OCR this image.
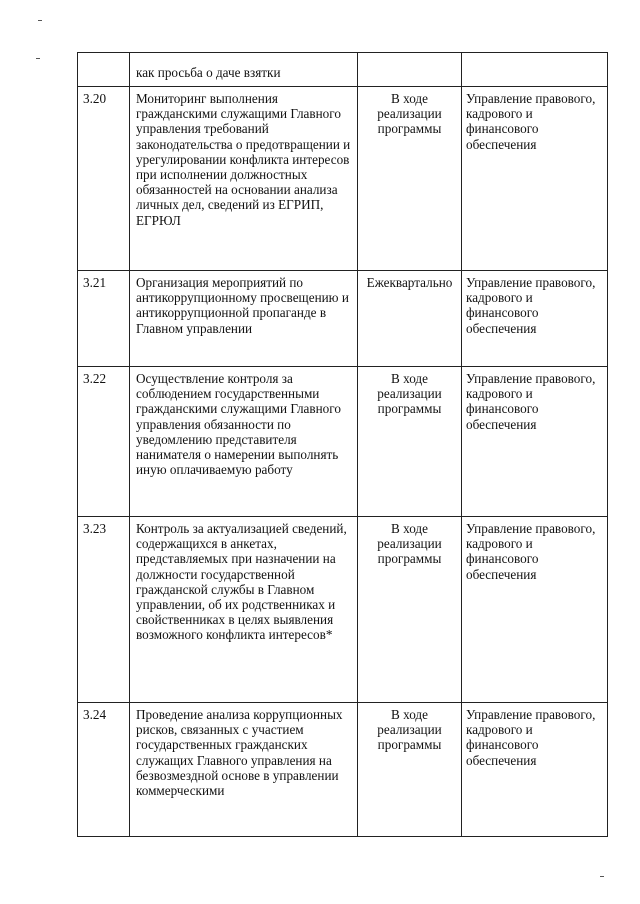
	как просьба о даче взятки		
3.20	Мониторинг выполнения гражданскими служащими Главного управления требований законодательства о предотвращении и урегулировании конфликта интересов при исполнении должностных обязанностей на основании анализа личных дел, сведений из ЕГРИП, ЕГРЮЛ	В ходе реализации программы	Управление правового, кадрового и финансового обеспечения
3.21	Организация мероприятий по антикоррупционному просвещению и антикоррупционной пропаганде в Главном управлении	Ежеквартально	Управление правового, кадрового и финансового обеспечения
3.22	Осуществление контроля за соблюдением государственными гражданскими служащими Главного управления обязанности по уведомлению представителя нанимателя о намерении выполнять иную оплачиваемую работу	В ходе реализации программы	Управление правового, кадрового и финансового обеспечения
3.23	Контроль за актуализацией сведений, содержащихся в анкетах, представляемых при назначении на должности государственной гражданской службы в Главном управлении, об их родственниках и свойственниках в целях выявления возможного конфликта интересов*	В ходе реализации программы	Управление правового, кадрового и финансового обеспечения
3.24	Проведение анализа коррупционных рисков, связанных с участием государственных гражданских служащих Главного управления на безвозмездной основе в управлении коммерческими	В ходе реализации программы	Управление правового, кадрового и финансового обеспечения
